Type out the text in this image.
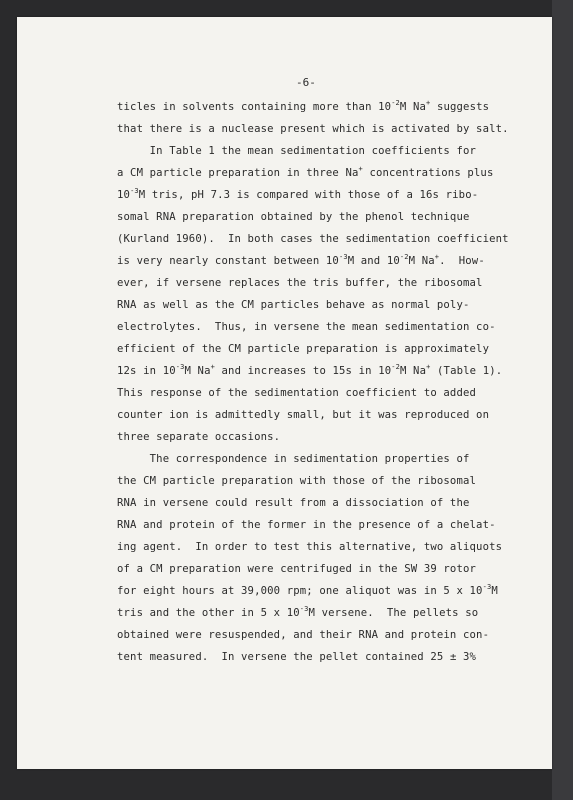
-6-

ticles in solvents containing more than $10^{-2}M$ Na+ suggests

that there is a nuclease present which is activated by salt.

In Table 1 the mean sedimentation coefficients for

a CM particle preparation in three Na+ concentrations plus

$10^{-3}M$ tris, pH 7.3 is compared with those of a 16s ribo-

somal RNA preparation obtained by the phenol technique

(Kurland 1960).  In both cases the sedimentation coefficient

is very nearly constant between $10^{-3}M$ and $10^{-2}M$ Na+.  How-

ever, if versene replaces the tris buffer, the ribosomal

RNA as well as the CM particles behave as normal poly-

electrolytes.  Thus, in versene the mean sedimentation co-

efficient of the CM particle preparation is approximately

12s in $10^{-3}M$ Na+ and increases to 15s in $10^{-2}M$ Na+ (Table 1).

This response of the sedimentation coefficient to added

counter ion is admittedly small, but it was reproduced on

three separate occasions.

The correspondence in sedimentation properties of

the CM particle preparation with those of the ribosomal

RNA in versene could result from a dissociation of the

RNA and protein of the former in the presence of a chelat-

ing agent.  In order to test this alternative, two aliquots

of a CM preparation were centrifuged in the SW 39 rotor

for eight hours at 39,000 rpm; one aliquot was in 5 x $10^{-3}M$

tris and the other in 5 x $10^{-3}M$ versene.  The pellets so

obtained were resuspended, and their RNA and protein con-

tent measured.  In versene the pellet contained 25 ± 3%
